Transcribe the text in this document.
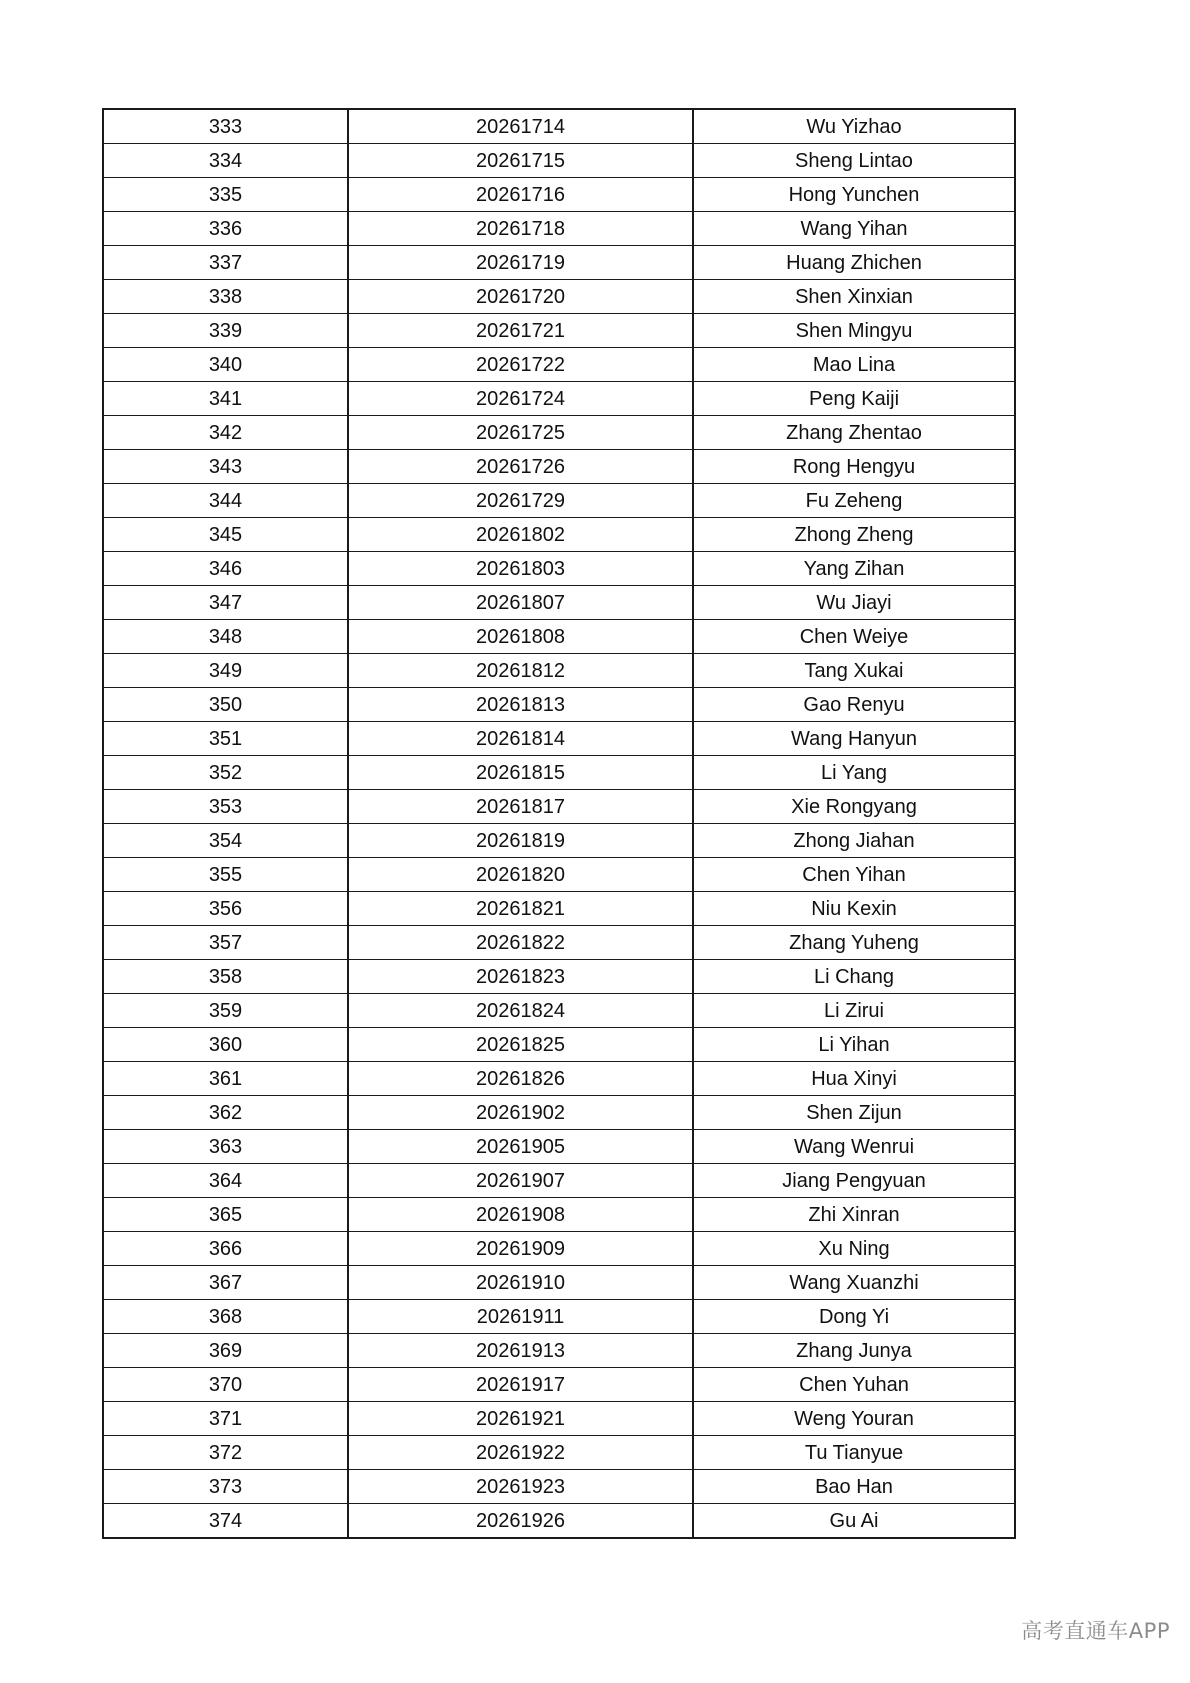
333	20261714	Wu Yizhao
334	20261715	Sheng Lintao
335	20261716	Hong Yunchen
336	20261718	Wang Yihan
337	20261719	Huang Zhichen
338	20261720	Shen Xinxian
339	20261721	Shen Mingyu
340	20261722	Mao Lina
341	20261724	Peng Kaiji
342	20261725	Zhang Zhentao
343	20261726	Rong Hengyu
344	20261729	Fu Zeheng
345	20261802	Zhong Zheng
346	20261803	Yang Zihan
347	20261807	Wu Jiayi
348	20261808	Chen Weiye
349	20261812	Tang Xukai
350	20261813	Gao Renyu
351	20261814	Wang Hanyun
352	20261815	Li Yang
353	20261817	Xie Rongyang
354	20261819	Zhong Jiahan
355	20261820	Chen Yihan
356	20261821	Niu Kexin
357	20261822	Zhang Yuheng
358	20261823	Li Chang
359	20261824	Li Zirui
360	20261825	Li Yihan
361	20261826	Hua Xinyi
362	20261902	Shen Zijun
363	20261905	Wang Wenrui
364	20261907	Jiang Pengyuan
365	20261908	Zhi Xinran
366	20261909	Xu Ning
367	20261910	Wang Xuanzhi
368	20261911	Dong Yi
369	20261913	Zhang Junya
370	20261917	Chen Yuhan
371	20261921	Weng Youran
372	20261922	Tu Tianyue
373	20261923	Bao Han
374	20261926	Gu Ai
高考直通车APP
